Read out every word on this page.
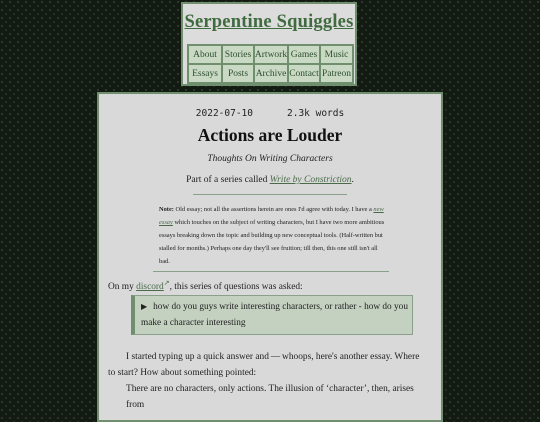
Serpentine Squiggles
About Stories Artwork Games Music
Essays	Posts Archive Contact Patreon
2022-07-10	2.3k words
Actions are Louder
Thoughts On Writing Characters
Part of a series called Write by Constriction.
Note: Old essay; not all the assertions herein are ones I'd agree with today. I have a new essay which touches on the subject of writing characters, but I have two more ambitious essays breaking down the topic and building up new conceptual tools. (Half-written but stalled for months.) Perhaps one day they'll see fruition; till then, this one still isn't all bad.
On my discord↗, this series of questions was asked:
▶ how do you guys write interesting characters, or rather - how do you make a character interesting
I started typing up a quick answer and — whoops, here's another essay. Where to start? How about something pointed:
There are no characters, only actions. The illusion of ‘character’, then, arises from
